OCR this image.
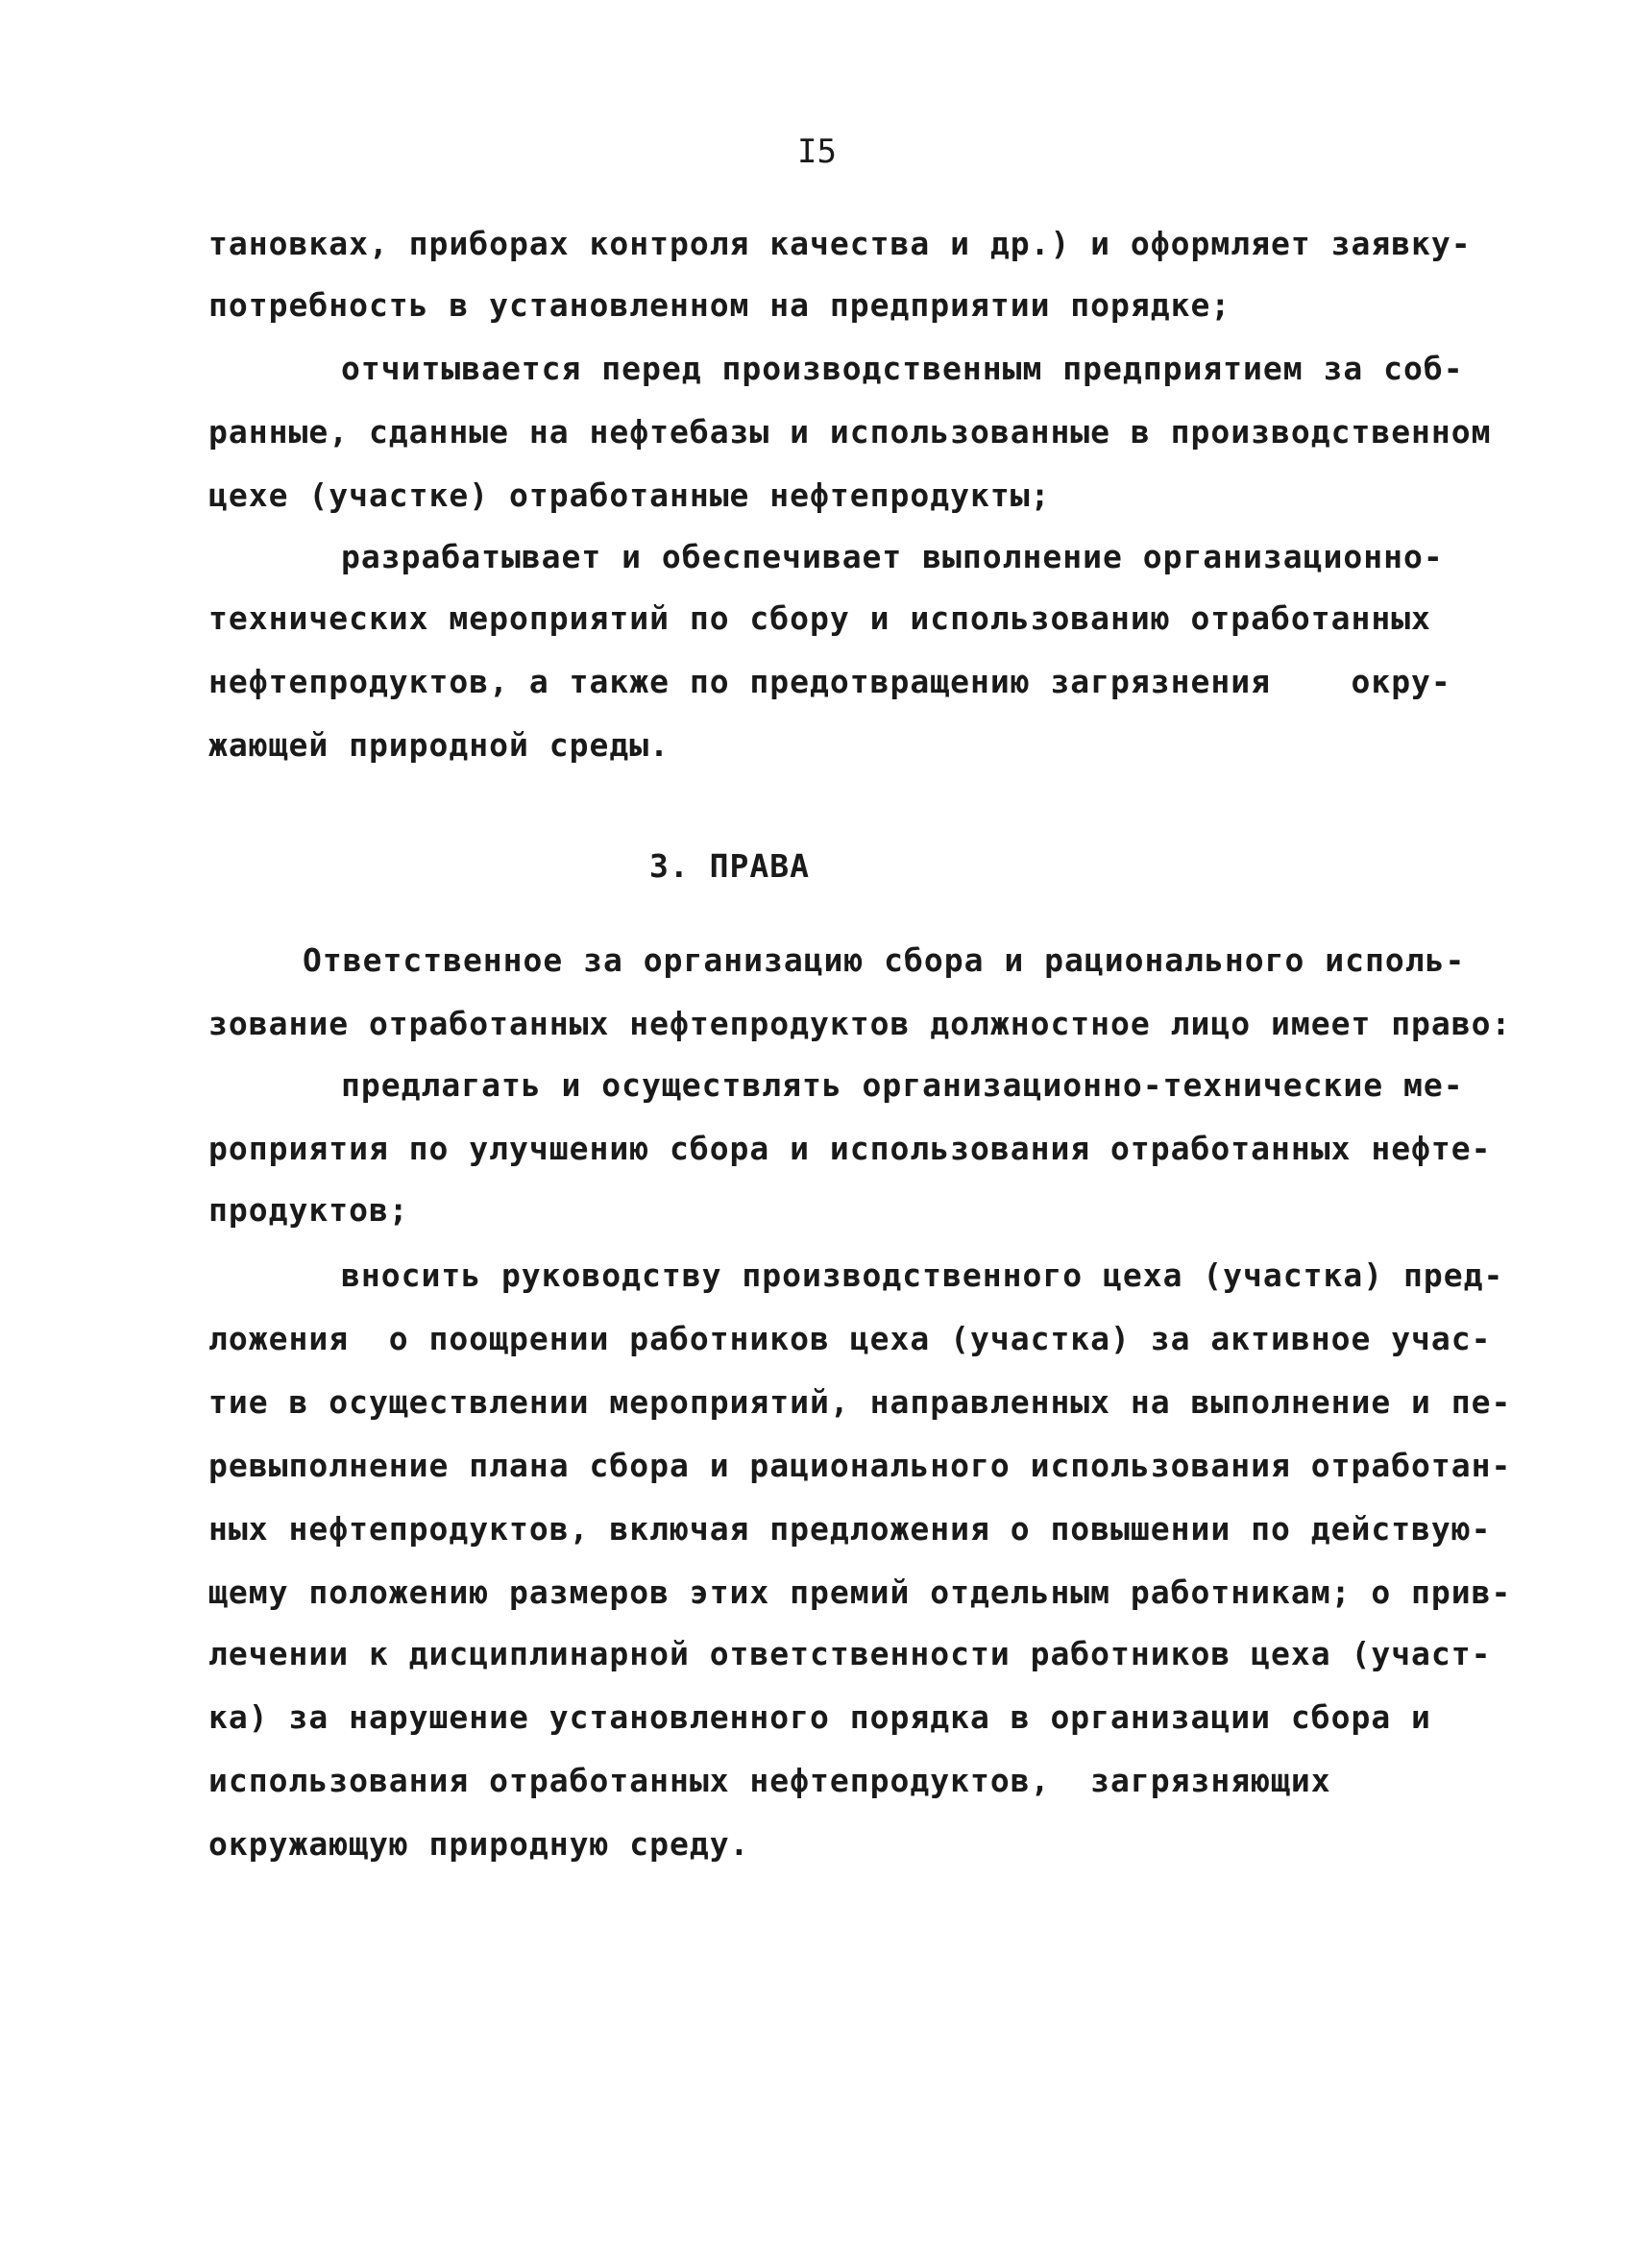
I5
тановках, приборах контроля качества и др.) и оформляет заявку-
потребность в установленном на предприятии порядке;
отчитывается перед производственным предприятием за соб-
ранные, сданные на нефтебазы и использованные в производственном
цехе (участке) отработанные нефтепродукты;
разрабатывает и обеспечивает выполнение организационно-
технических мероприятий по сбору и использованию отработанных
нефтепродуктов, а также по предотвращению загрязнения    окру-
жающей природной среды.
3. ПРАВА
Ответственное за организацию сбора и рационального исполь-
зование отработанных нефтепродуктов должностное лицо имеет право:
предлагать и осуществлять организационно-технические ме-
роприятия по улучшению сбора и использования отработанных нефте-
продуктов;
вносить руководству производственного цеха (участка) пред-
ложения  о поощрении работников цеха (участка) за активное учас-
тие в осуществлении мероприятий, направленных на выполнение и пе-
ревыполнение плана сбора и рационального использования отработан-
ных нефтепродуктов, включая предложения о повышении по действую-
щему положению размеров этих премий отдельным работникам; о прив-
лечении к дисциплинарной ответственности работников цеха (участ-
ка) за нарушение установленного порядка в организации сбора и
использования отработанных нефтепродуктов,  загрязняющих
окружающую природную среду.
